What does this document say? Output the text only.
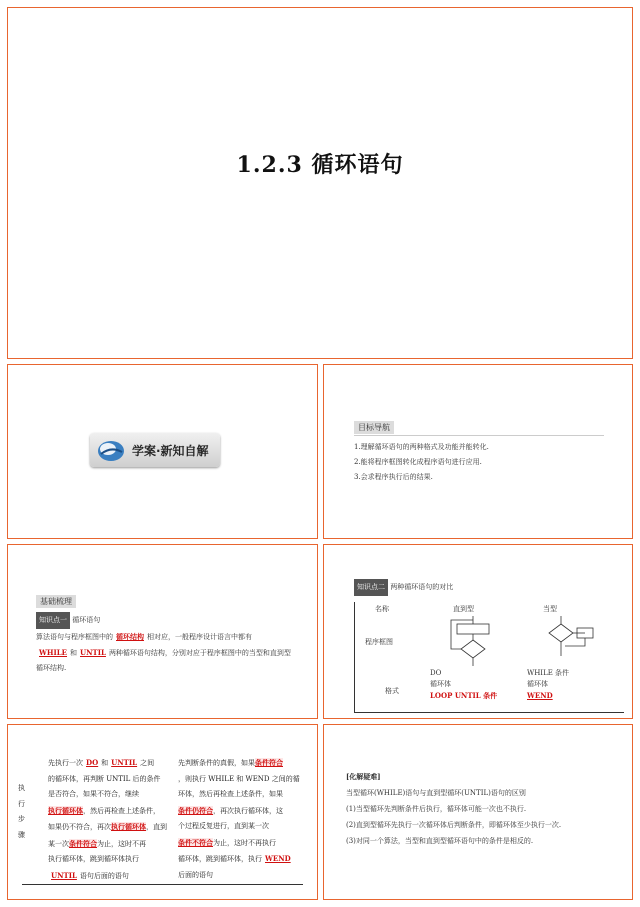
1.2.3 循环语句
学案·新知自解
目标导航
1.理解循环语句的两种格式及功能并能转化.
2.能将程序框图转化成程序语句进行应用.
3.会求程序执行后的结果.
基础梳理
知识点一 循环语句
算法语句与程序框图中的 循环结构 相对应，一般程序设计语言中都有
WHILE 和 UNTIL 两种循环语句结构，分别对应于程序框图中的当型和直到型
循环结构.
知识点二 两种循环语句的对比
名称	直到型	当型
程序框图
格式
DO
循环体
LOOP UNTIL 条件
WHILE 条件
循环体
WEND
执 行 步 骤
先执行一次 DO 和 UNTIL 之间
的循环体，再判断 UNTIL 后的条件
是否符合，如果不符合，继续
执行循环体，然后再检查上述条件，
如果仍不符合，再次执行循环体，直到
某一次条件符合为止，这时不再
执行循环体，跳到循环体执行
UNTIL 语句后面的语句
先判断条件的真假，如果条件符合
，则执行 WHILE 和 WEND 之间的循
环体，然后再检查上述条件，如果
条件仍符合，再次执行循环体，这
个过程反复进行，直到某一次
条件不符合为止，这时不再执行
循环体，跳到循环体，执行 WEND
后面的语句
[化解疑难]
当型循环(WHILE)语句与直到型循环(UNTIL)语句的区别
(1)当型循环先判断条件后执行，循环体可能一次也不执行.
(2)直到型循环先执行一次循环体后判断条件，即循环体至少执行一次.
(3)对同一个算法，当型和直到型循环语句中的条件是相反的.
